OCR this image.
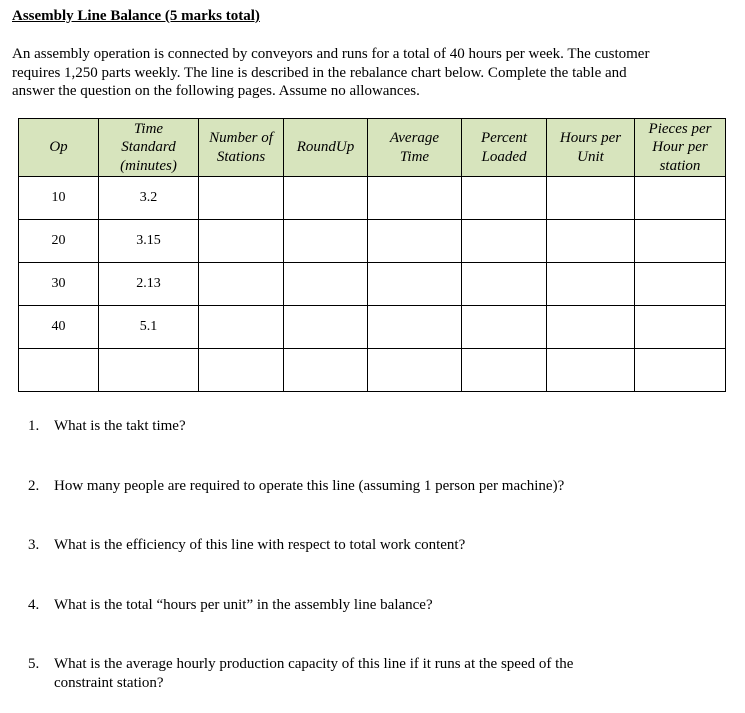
Assembly Line Balance (5 marks total)
An assembly operation is connected by conveyors and runs for a total of 40 hours per week. The customer
requires 1,250 parts weekly. The line is described in the rebalance chart below. Complete the table and
answer the question on the following pages. Assume no allowances.
Op	Time
Standard
(minutes)	Number of
Stations	RoundUp	Average
Time	Percent
Loaded	Hours per
Unit	Pieces per
Hour per
station

10	3.2						
20	3.15						
30	2.13						
40	5.1						

1. What is the takt time?
2. How many people are required to operate this line (assuming 1 person per machine)?
3. What is the efficiency of this line with respect to total work content?
4. What is the total “hours per unit” in the assembly line balance?
5. What is the average hourly production capacity of this line if it runs at the speed of the
constraint station?
